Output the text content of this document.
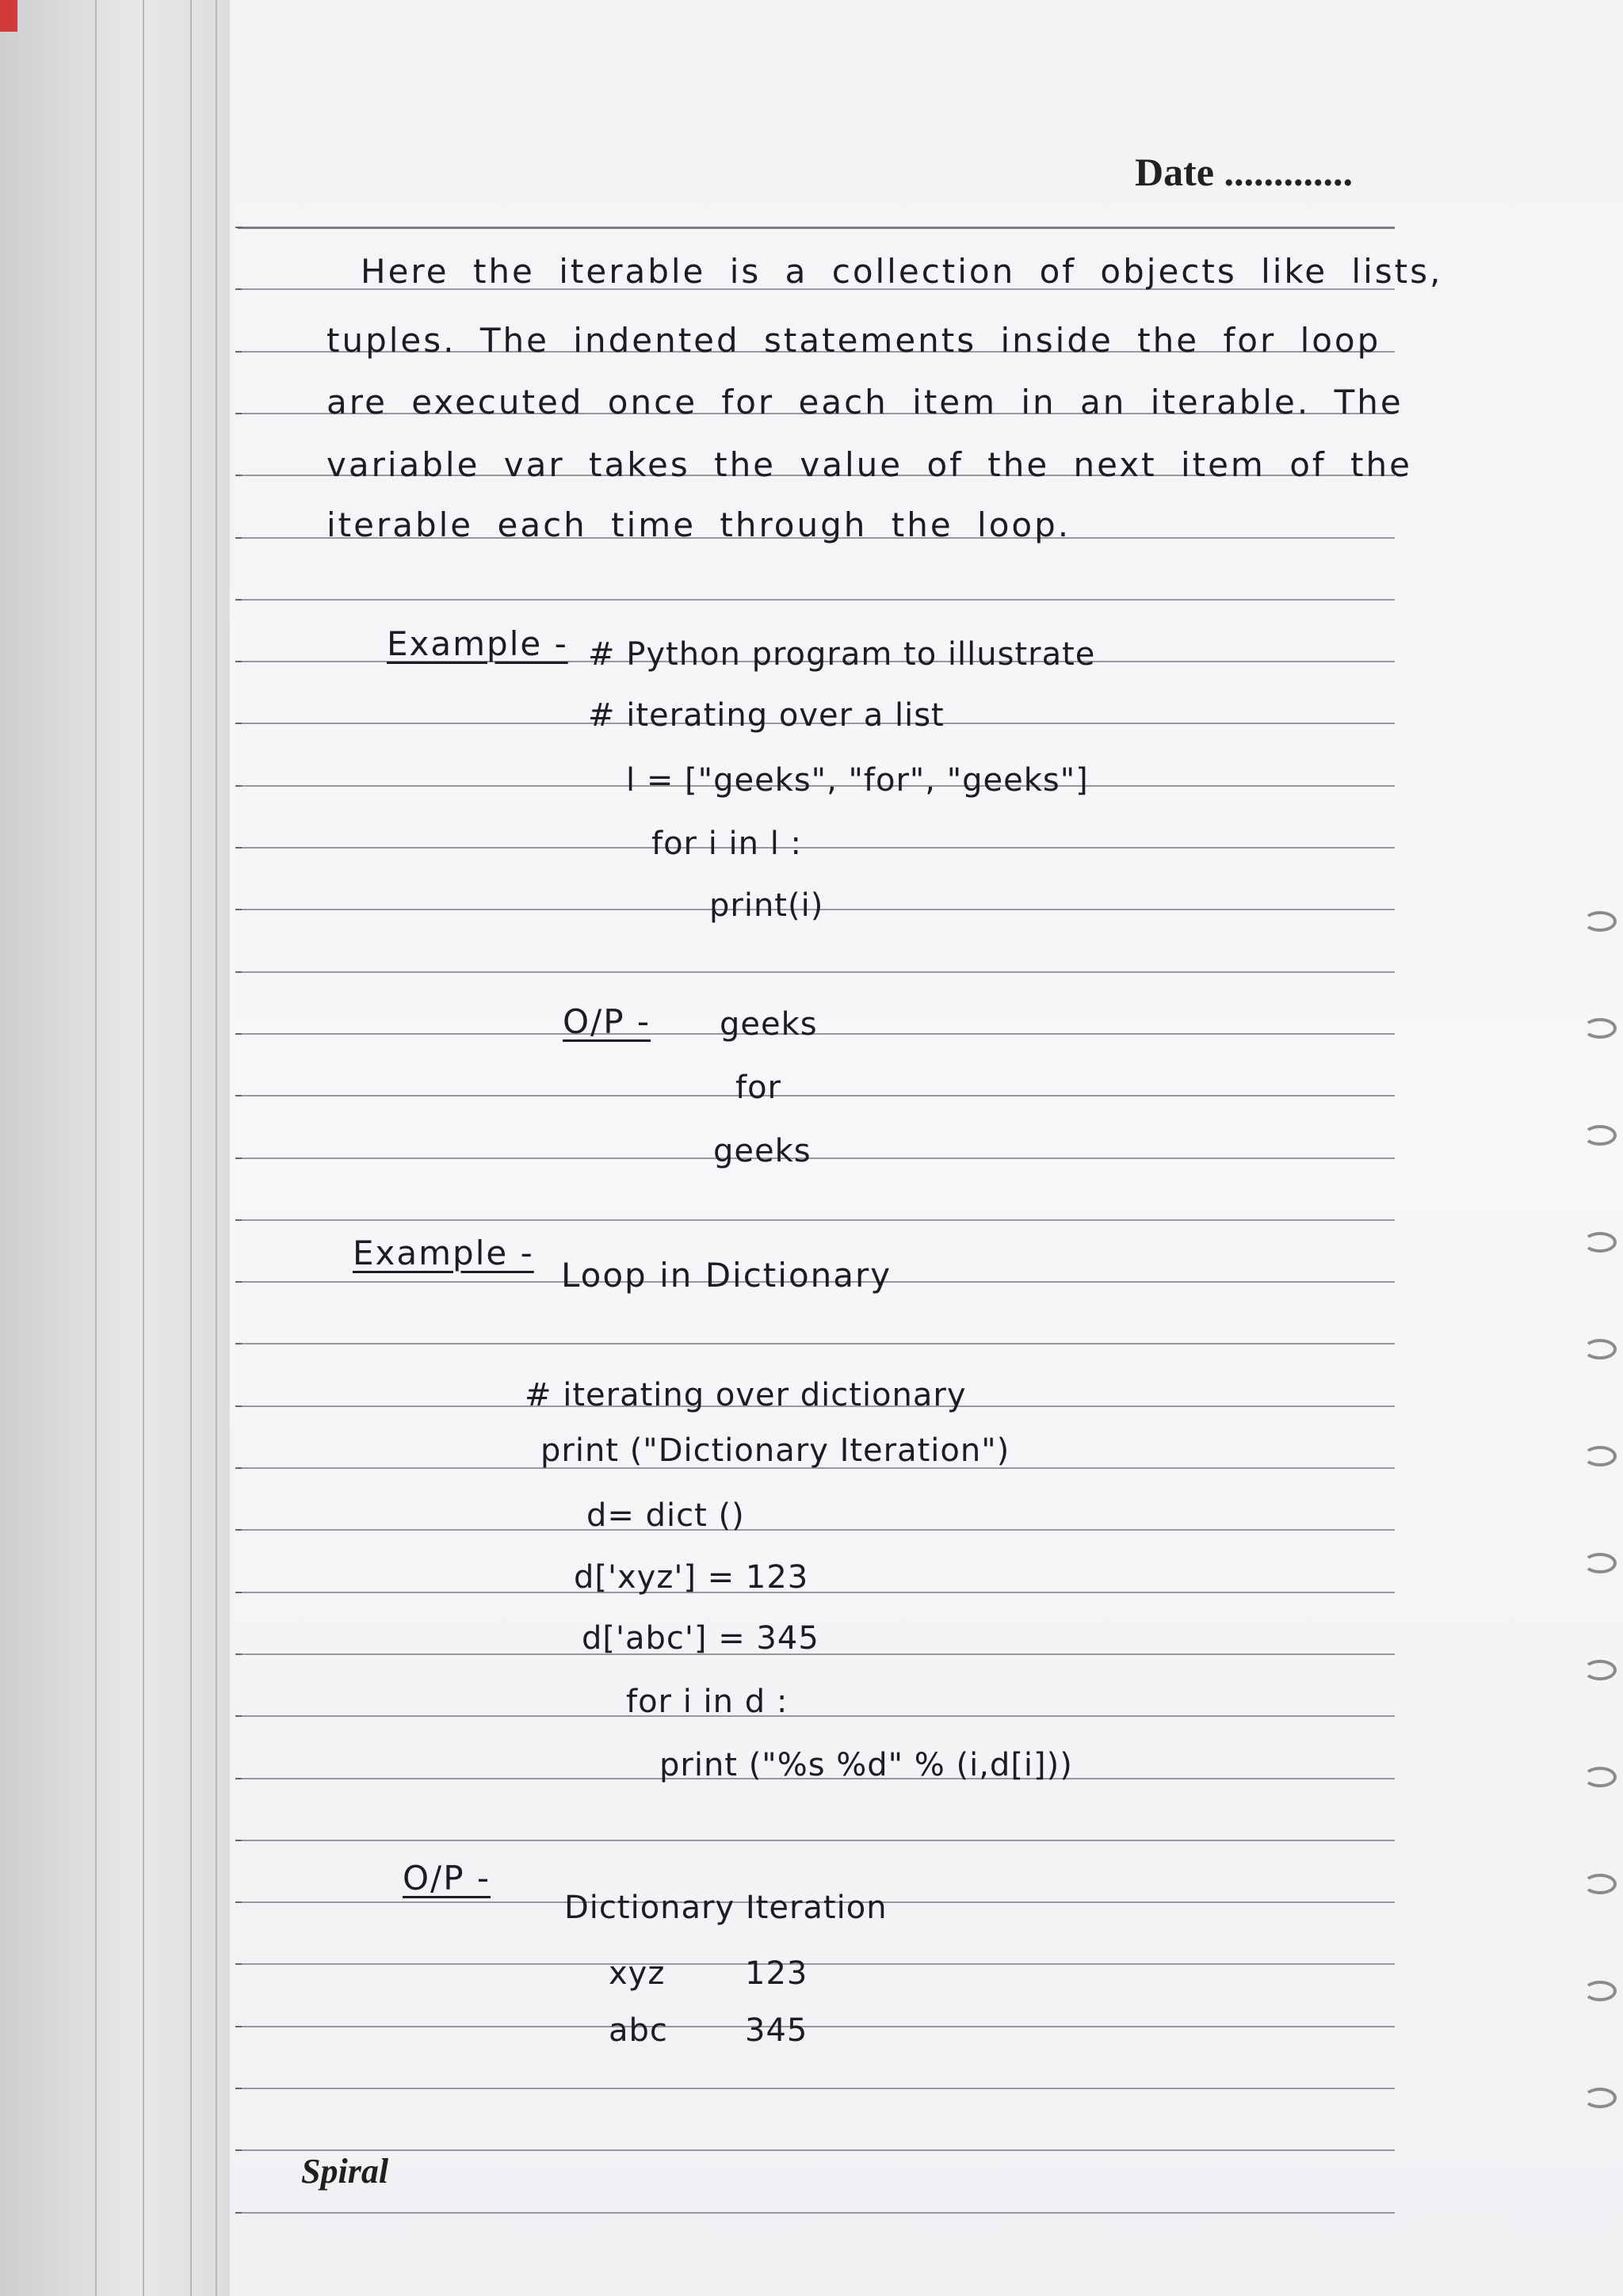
Date .............
Here the iterable is a collection of objects like lists,
tuples. The indented statements inside the for loop
are executed once for each item in an iterable. The
variable var takes the value of the next item of the
iterable each time through the loop.
Example - # Python program to illustrate
# iterating over a list
l = ["geeks", "for", "geeks"]
for i in l :
print(i)
O/P - geeks
for
geeks
Example -
Loop in Dictionary
# iterating over dictionary
print ("Dictionary Iteration")
d= dict ()
d['xyz'] = 123
d['abc'] = 345
for i in d :
print ("%s %d" % (i,d[i]))
O/P -
Dictionary Iteration
xyz	123
abc 345
Spiral
